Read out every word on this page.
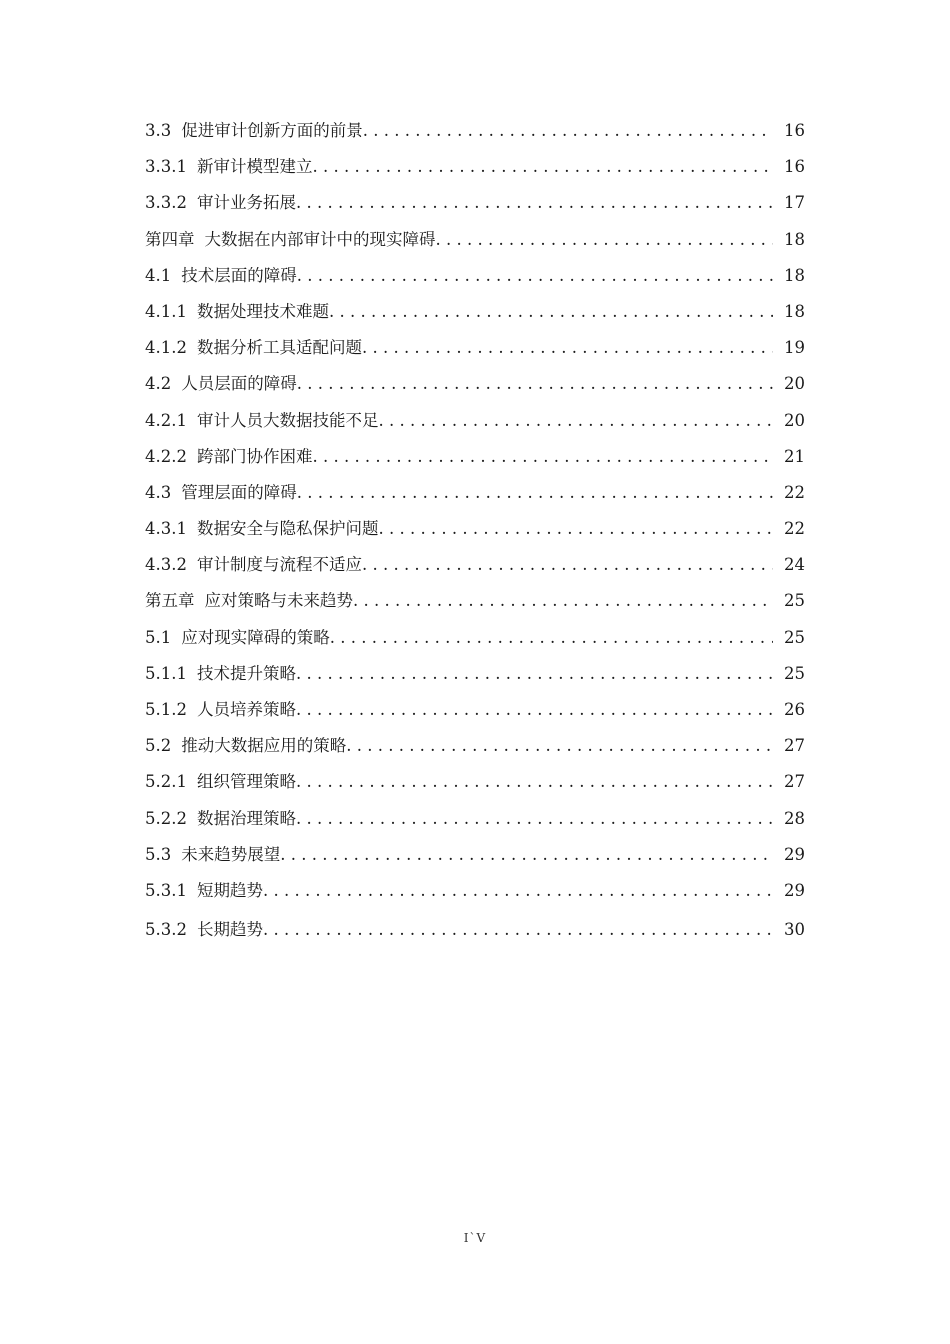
3.3 促进审计创新方面的前景 . . .	16
3.3.1 新审计模型建立 . . .	16
3.3.2 审计业务拓展 . . .	17
第四章 大数据在内部审计中的现实障碍 . . .	18
4.1 技术层面的障碍 . . .	18
4.1.1 数据处理技术难题 . . .	18
4.1.2 数据分析工具适配问题 . . .	19
4.2 人员层面的障碍 . . .	20
4.2.1 审计人员大数据技能不足 . . .	20
4.2.2 跨部门协作困难 . . .	21
4.3 管理层面的障碍 . . .	22
4.3.1 数据安全与隐私保护问题 . . .	22
4.3.2 审计制度与流程不适应 . . .	24
第五章 应对策略与未来趋势 . . .	25
5.1 应对现实障碍的策略 . . .	25
5.1.1 技术提升策略 . . .	25
5.1.2 人员培养策略 . . .	26
5.2 推动大数据应用的策略 . . .	27
5.2.1 组织管理策略 . . .	27
5.2.2 数据治理策略 . . .	28
5.3 未来趋势展望 . . .	29
5.3.1 短期趋势 . . .	29
5.3.2 长期趋势 . . .	30
I`V
